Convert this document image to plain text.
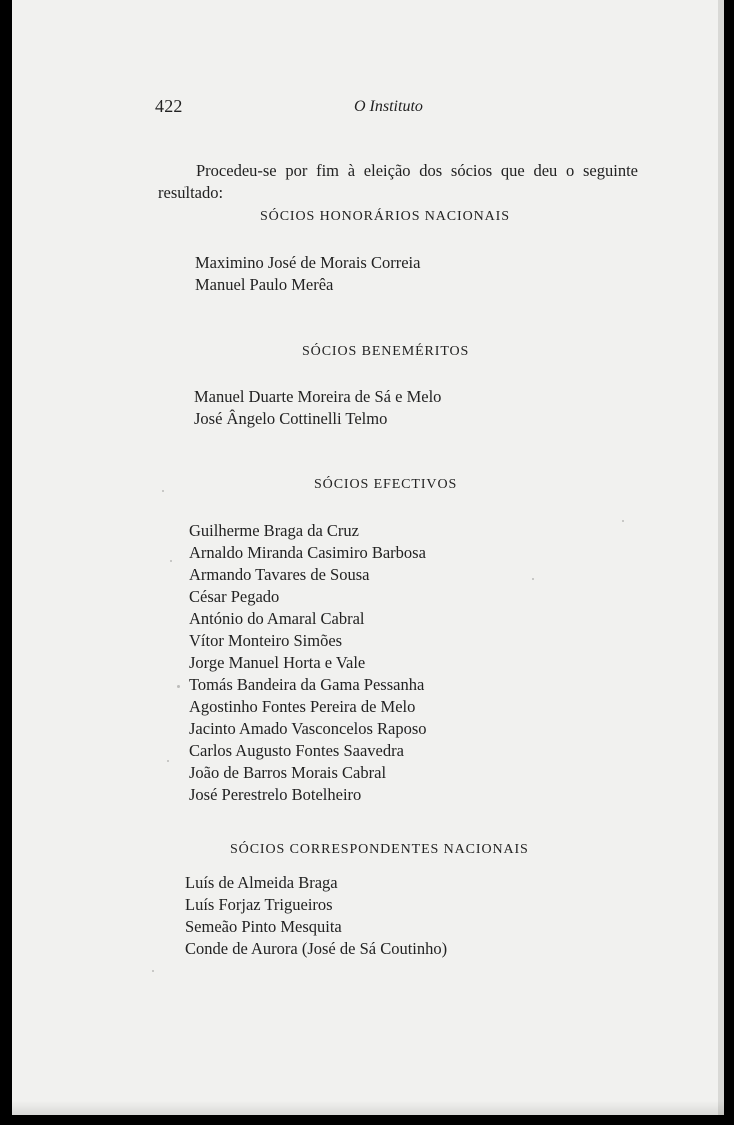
422	O Instituto

Procedeu-se por fim à eleição dos sócios que deu o seguinte resultado:

SÓCIOS HONORÁRIOS NACIONAIS
Maximino José de Morais Correia
Manuel Paulo Merêa
SÓCIOS BENEMÉRITOS
Manuel Duarte Moreira de Sá e Melo
José Ângelo Cottinelli Telmo
SÓCIOS EFECTIVOS
Guilherme Braga da Cruz
Arnaldo Miranda Casimiro Barbosa
Armando Tavares de Sousa
César Pegado
António do Amaral Cabral
Vítor Monteiro Simões
Jorge Manuel Horta e Vale
Tomás Bandeira da Gama Pessanha
Agostinho Fontes Pereira de Melo
Jacinto Amado Vasconcelos Raposo
Carlos Augusto Fontes Saavedra
João de Barros Morais Cabral
José Perestrelo Botelheiro
SÓCIOS CORRESPONDENTES NACIONAIS
Luís de Almeida Braga
Luís Forjaz Trigueiros
Semeão Pinto Mesquita
Conde de Aurora (José de Sá Coutinho)
